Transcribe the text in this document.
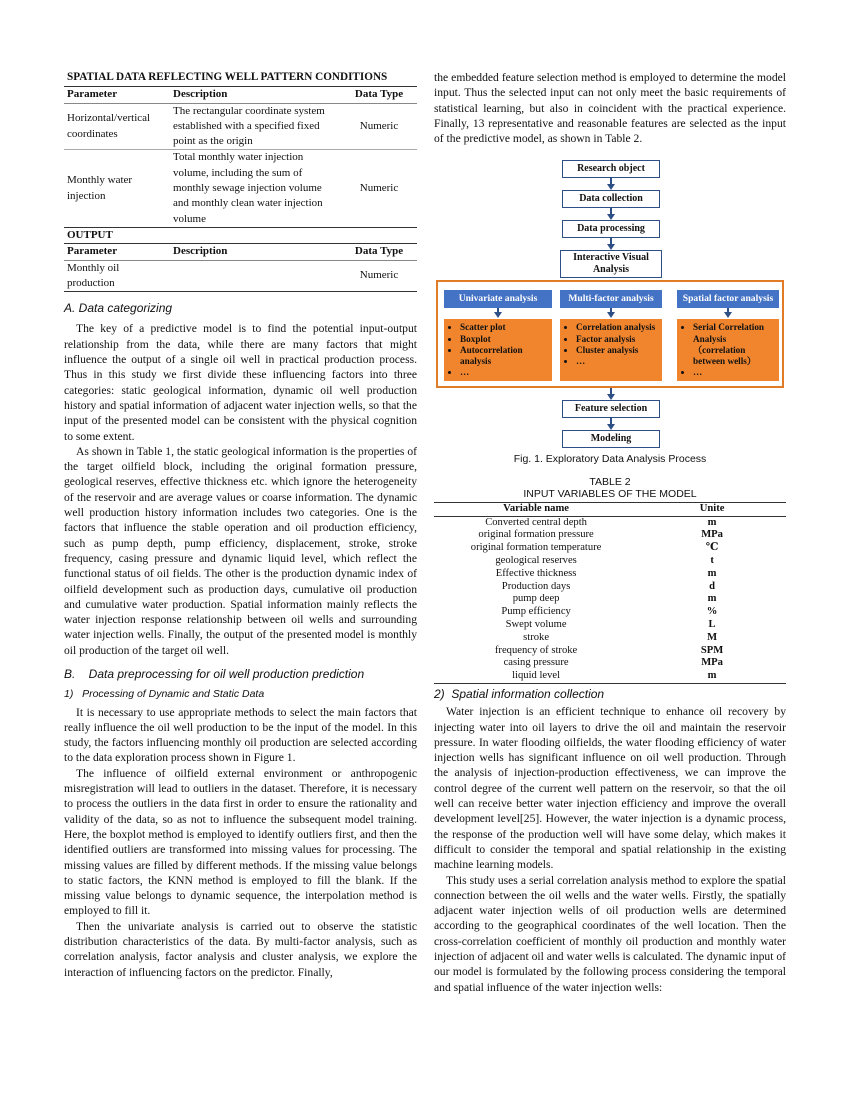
SPATIAL DATA REFLECTING WELL PATTERN CONDITIONS		
Parameter	Description	Data Type
Horizontal/vertical coordinates	The rectangular coordinate system established with a specified fixed point as the origin	Numeric
Monthly water injection	Total monthly water injection volume, including the sum of monthly sewage injection volume and monthly clean water injection volume	Numeric
OUTPUT		
Parameter	Description	Data Type
Monthly oil production		Numeric
A. Data categorizing

The key of a predictive model is to find the potential input-output relationship from the data, while there are many factors that might influence the output of a single oil well in practical production process. Thus in this study we first divide these influencing factors into three categories: static geological information, dynamic oil well production history and spatial information of adjacent water injection wells, so that the input of the presented model can be consistent with the physical cognition to some extent.

As shown in Table 1, the static geological information is the properties of the target oilfield block, including the original formation pressure, geological reserves, effective thickness etc. which ignore the heterogeneity of the reservoir and are average values or coarse information. The dynamic well production history information includes two categories. One is the factors that influence the stable operation and oil production efficiency, such as pump depth, pump efficiency, displacement, stroke, stroke frequency, casing pressure and dynamic liquid level, which reflect the functional status of oil fields. The other is the production dynamic index of oilfield development such as production days, cumulative oil production and cumulative water production. Spatial information mainly reflects the water injection response relationship between oil wells and surrounding water injection wells. Finally, the output of the presented model is monthly oil production of the target oil well.

B.    Data preprocessing for oil well production prediction
1)   Processing of Dynamic and Static Data

It is necessary to use appropriate methods to select the main factors that really influence the oil well production to be the input of the model. In this study, the factors influencing monthly oil production are selected according to the data exploration process shown in Figure 1.

The influence of oilfield external environment or anthropogenic misregistration will lead to outliers in the dataset. Therefore, it is necessary to process the outliers in the data first in order to ensure the rationality and validity of the data, so as not to influence the subsequent model training. Here, the boxplot method is employed to identify outliers first, and then the identified outliers are transformed into missing values for processing. The missing values are filled by different methods. If the missing value belongs to static factors, the KNN method is employed to fill the blank. If the missing value belongs to dynamic sequence, the interpolation method is employed to fill it.

Then the univariate analysis is carried out to observe the statistic distribution characteristics of the data. By multi-factor analysis, such as correlation analysis, factor analysis and cluster analysis, we explore the interaction of influencing factors on the predictor. Finally,

the embedded feature selection method is employed to determine the model input. Thus the selected input can not only meet the basic requirements of statistical learning, but also in coincident with the practical experience. Finally, 13 representative and reasonable features are selected as the input of the predictive model, as shown in Table 2.

Research object
Data collection
Data processing
Interactive Visual Analysis
Univariate analysis	Multi-factor analysis	Spatial factor analysis
• Scatter plot
• Boxplot
• Autocorrelation analysis
• …
• Correlation analysis
• Factor analysis
• Cluster analysis
• …
• Serial Correlation Analysis （correlation between wells）
• …
Feature selection
Modeling
Fig. 1. Exploratory Data Analysis Process
TABLE 2
INPUT VARIABLES OF THE MODEL
Variable name	Unite
Converted central depth	m
original formation pressure	MPa
original formation temperature	℃
geological reserves	t
Effective thickness	m
Production days	d
pump deep	m
Pump efficiency	%
Swept volume	L
stroke	M
frequency of stroke	SPM
casing pressure	MPa
liquid level	m
2)  Spatial information collection

Water injection is an efficient technique to enhance oil recovery by injecting water into oil layers to drive the oil and maintain the reservoir pressure. In water flooding oilfields, the water flooding efficiency of water injection wells has significant influence on oil well production. Through the analysis of injection-production effectiveness, we can improve the control degree of the current well pattern on the reservoir, so that the oil well can receive better water injection efficiency and improve the overall development level[25]. However, the water injection is a dynamic process, the response of the production well will have some delay, which makes it difficult to consider the temporal and spatial relationship in the existing machine learning models.

This study uses a serial correlation analysis method to explore the spatial connection between the oil wells and the water wells. Firstly, the spatially adjacent water injection wells of oil production wells are determined according to the geographical coordinates of the well location. Then the cross-correlation coefficient of monthly oil production and monthly water injection of adjacent oil and water wells is calculated. The dynamic input of our model is formulated by the following process considering the temporal and spatial influence of the water injection wells:
